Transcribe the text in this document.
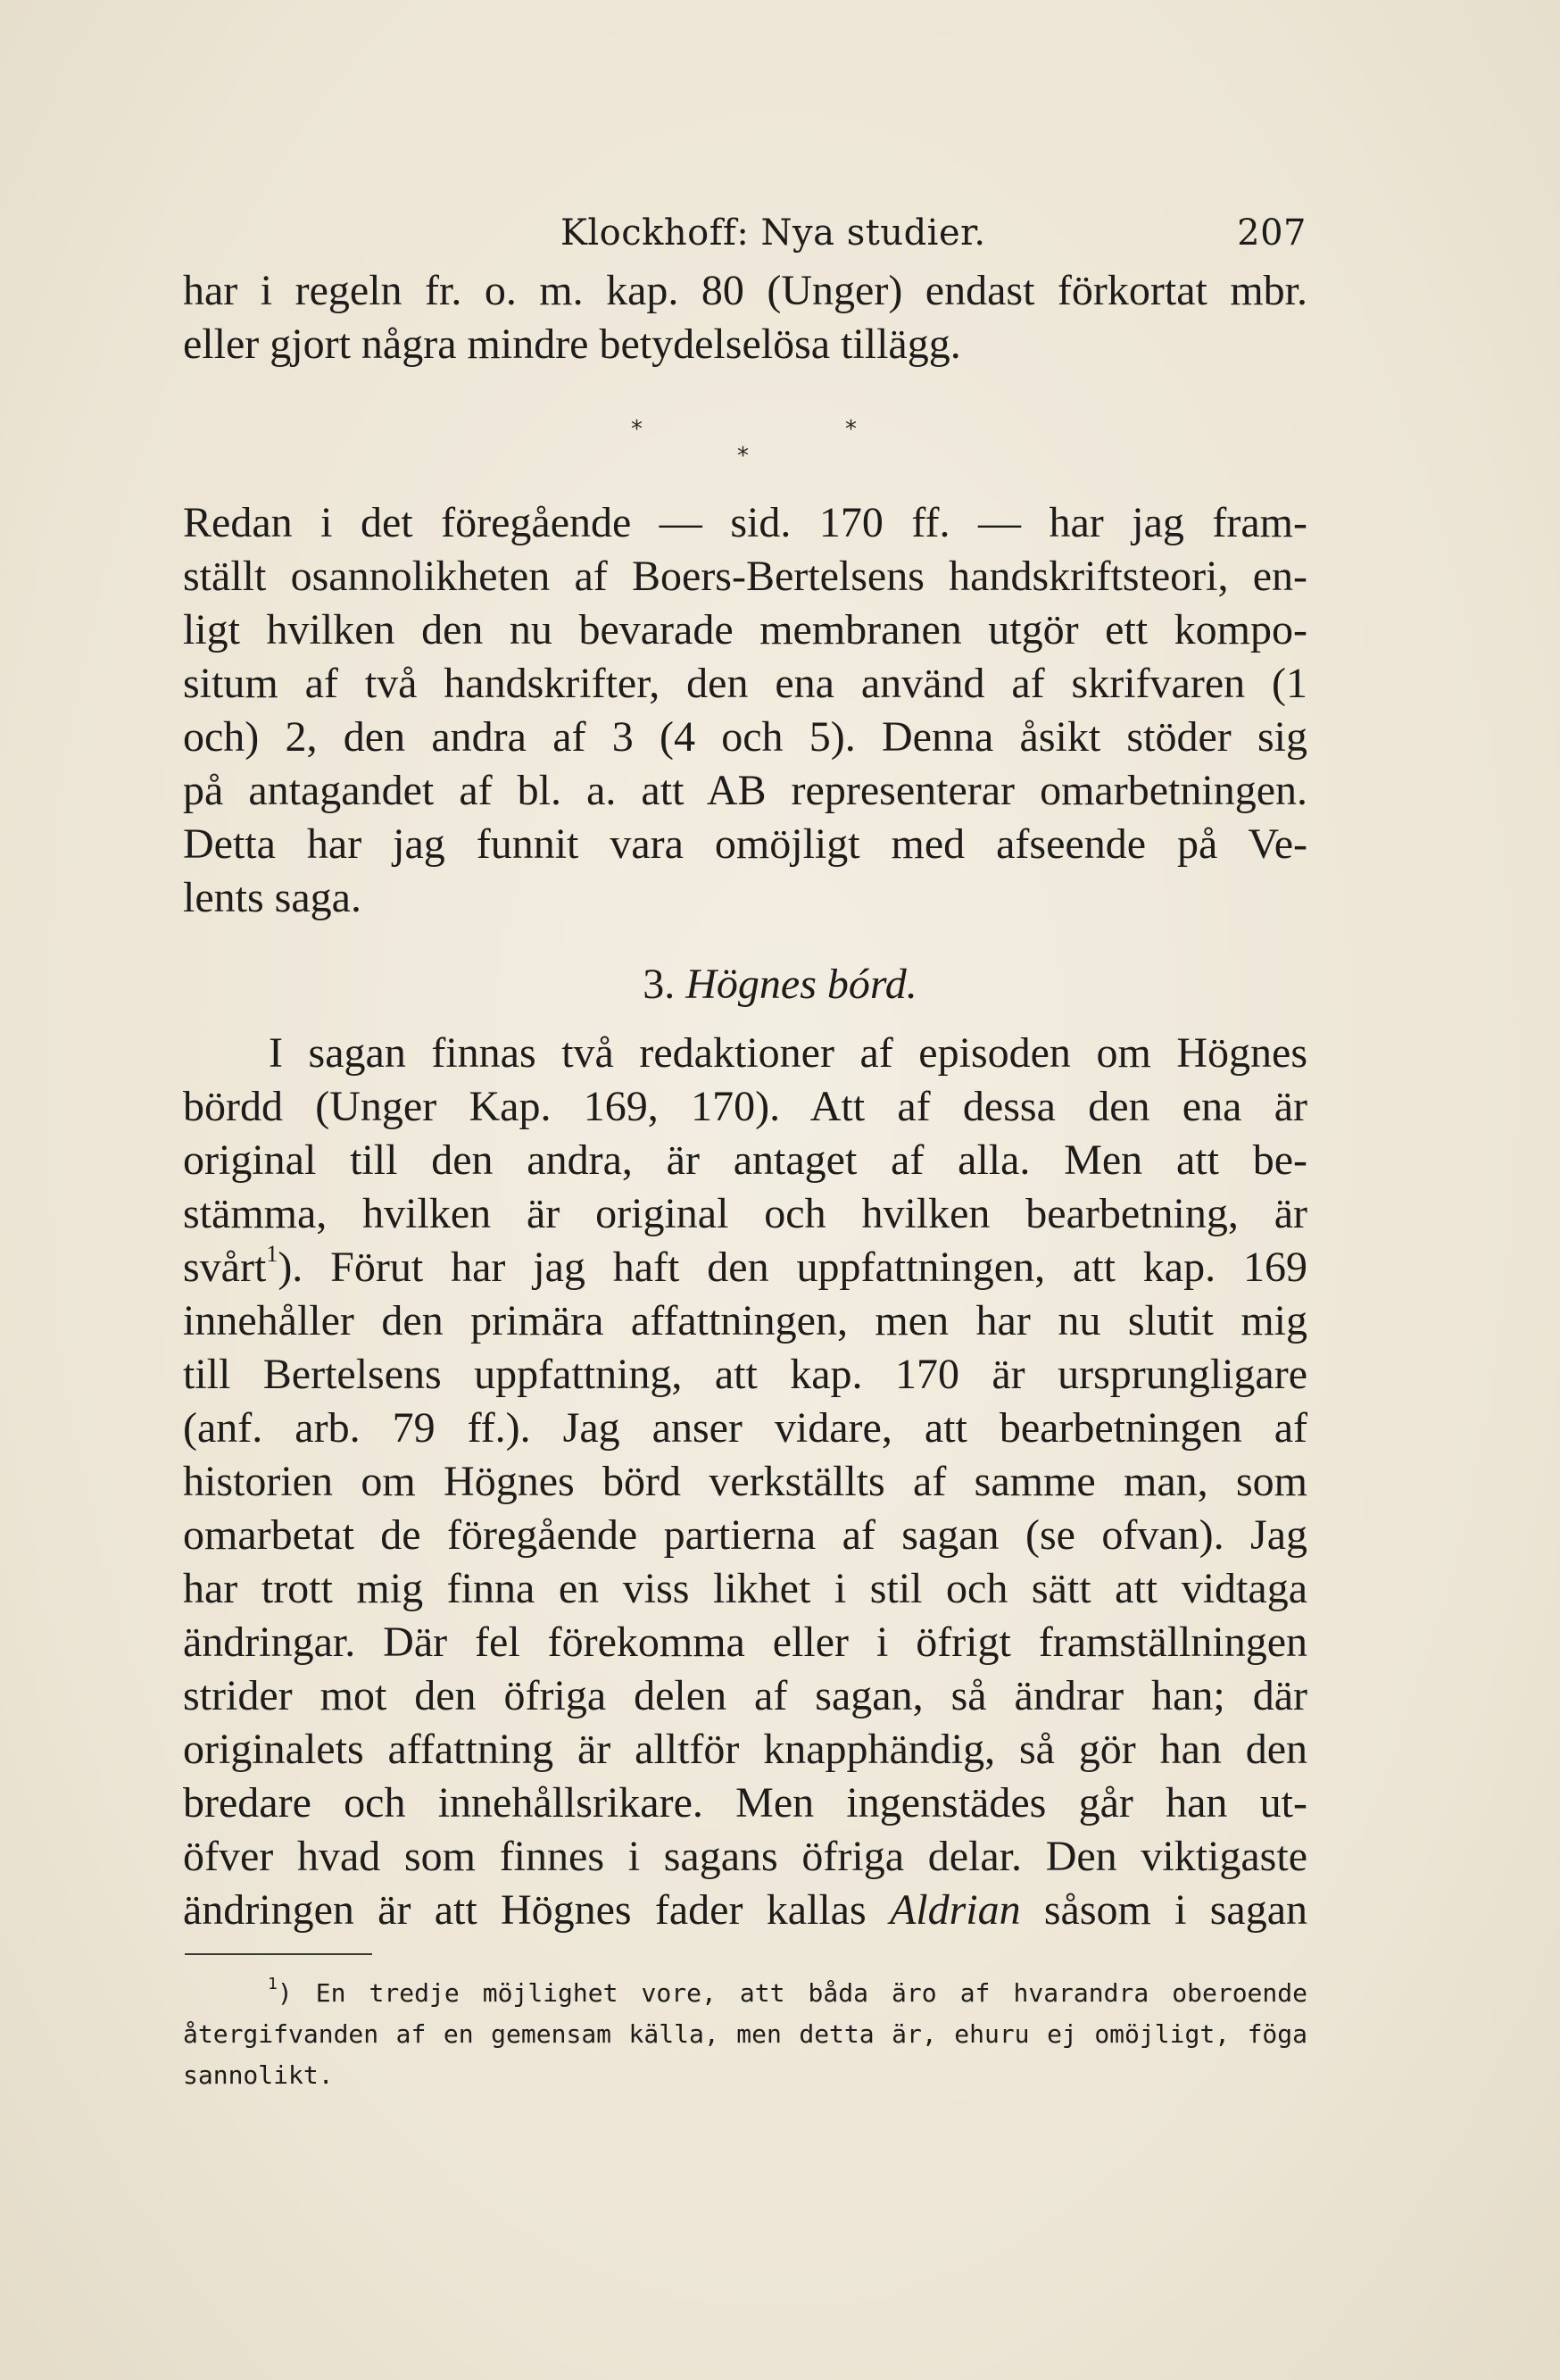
Klockhoff: Nya studier.	207
har i regeln fr. o. m. kap. 80 (Unger) endast förkortat mbr.
eller gjort några mindre betydelselösa tillägg.
*	*
*
Redan i det föregående — sid. 170 ff. — har jag fram-
ställt osannolikheten af Boers-Bertelsens handskriftsteori, en-
ligt hvilken den nu bevarade membranen utgör ett kompo-
situm af två handskrifter, den ena använd af skrifvaren (1
och) 2, den andra af 3 (4 och 5). Denna åsikt stöder sig
på antagandet af bl. a. att AB representerar omarbetningen.
Detta har jag funnit vara omöjligt med afseende på Ve-
lents saga.
3. Högnes bórd.
I sagan finnas två redaktioner af episoden om Högnes
bördd (Unger Kap. 169, 170). Att af dessa den ena är
original till den andra, är antaget af alla. Men att be-
stämma, hvilken är original och hvilken bearbetning, är
svårt$^1$). Förut har jag haft den uppfattningen, att kap. 169
innehåller den primära affattningen, men har nu slutit mig
till Bertelsens uppfattning, att kap. 170 är ursprungligare
(anf. arb. 79 ff.). Jag anser vidare, att bearbetningen af
historien om Högnes börd verkställts af samme man, som
omarbetat de föregående partierna af sagan (se ofvan). Jag
har trott mig finna en viss likhet i stil och sätt att vidtaga
ändringar. Där fel förekomma eller i öfrigt framställningen
strider mot den öfriga delen af sagan, så ändrar han; där
originalets affattning är alltför knapphändig, så gör han den
bredare och innehållsrikare. Men ingenstädes går han ut-
öfver hvad som finnes i sagans öfriga delar. Den viktigaste
ändringen är att Högnes fader kallas Aldrian såsom i sagan
$^1$) En tredje möjlighet vore, att båda äro af hvarandra oberoende
återgifvanden af en gemensam källa, men detta är, ehuru ej omöjligt, föga
sannolikt.
